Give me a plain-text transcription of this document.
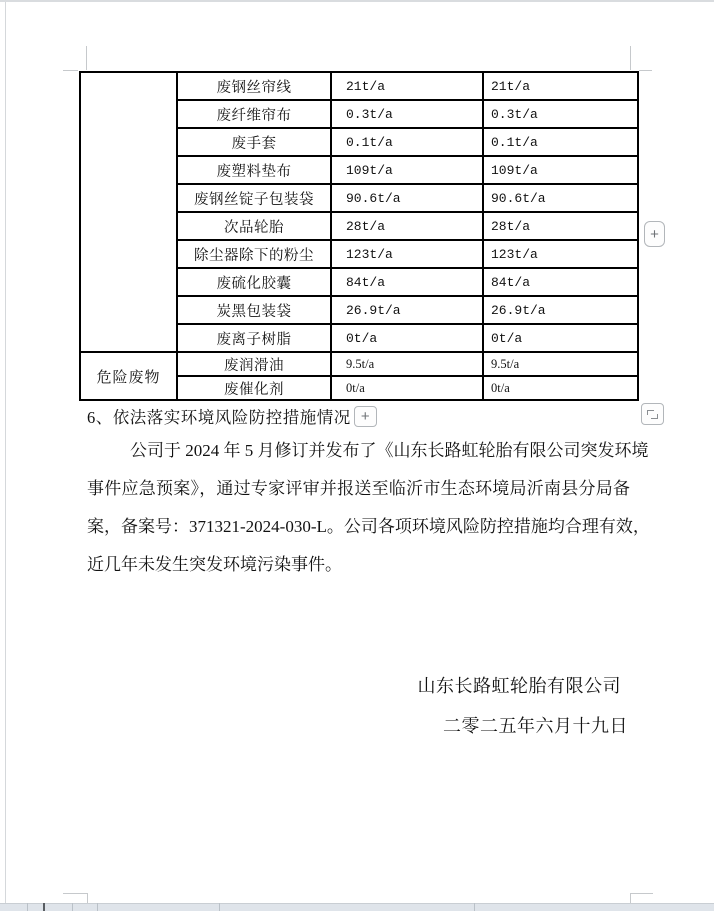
	废钢丝帘线	21t/a	21t/a
	废纤维帘布	0.3t/a	0.3t/a
	废手套	0.1t/a	0.1t/a
	废塑料垫布	109t/a	109t/a
	废钢丝锭子包装袋	90.6t/a	90.6t/a
	次品轮胎	28t/a	28t/a
	除尘器除下的粉尘	123t/a	123t/a
	废硫化胶囊	84t/a	84t/a
	炭黑包装袋	26.9t/a	26.9t/a
	废离子树脂	0t/a	0t/a
危险废物	废润滑油	9.5t/a	9.5t/a
	废催化剂	0t/a	0t/a
6、依法落实环境风险防控措施情况 +
+
公司于 2024 年 5 月修订并发布了《山东长路虹轮胎有限公司突发环境
事件应急预案》，通过专家评审并报送至临沂市生态环境局沂南县分局备
案，备案号：371321-2024-030-L。公司各项环境风险防控措施均合理有效，
近几年未发生突发环境污染事件。
山东长路虹轮胎有限公司
二零二五年六月十九日
